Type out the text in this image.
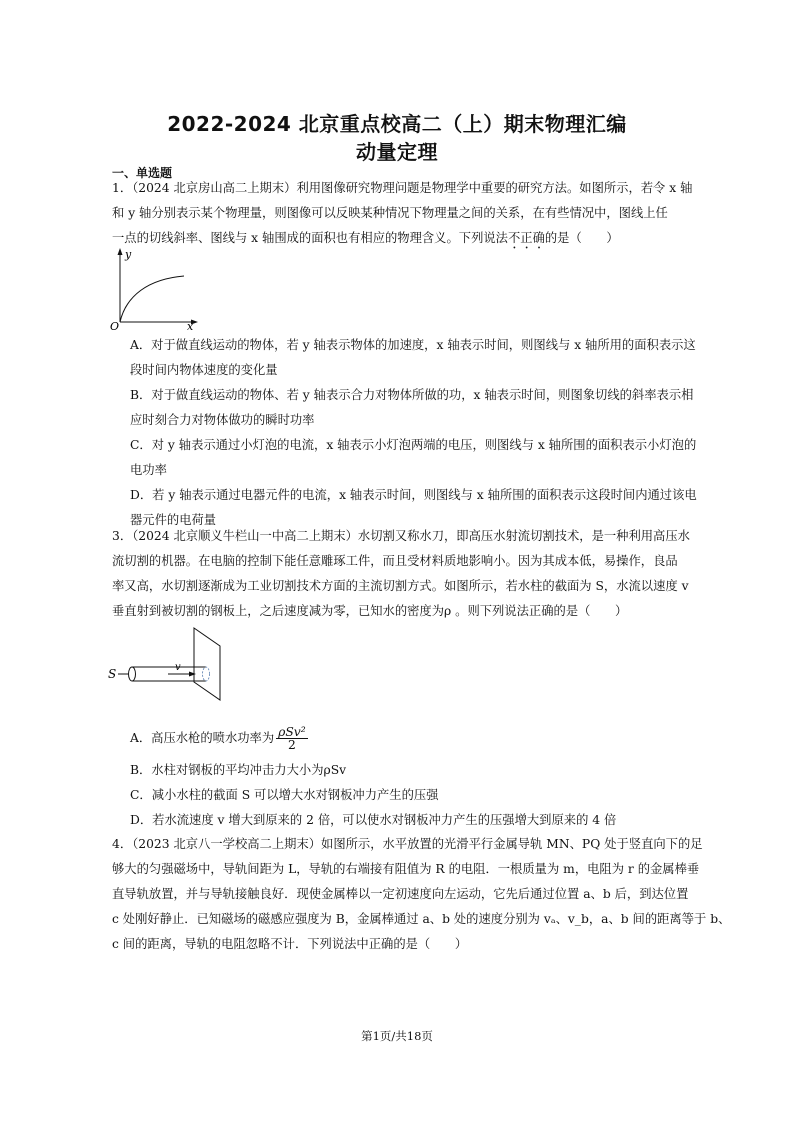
2022-2024 北京重点校高二（上）期末物理汇编
动量定理
一、单选题
1．（2024 北京房山高二上期末）利用图像研究物理问题是物理学中重要的研究方法。如图所示，若令 x 轴
和 y 轴分别表示某个物理量，则图像可以反映某种情况下物理量之间的关系，在有些情况中，图线上任
一点的切线斜率、图线与 x 轴围成的面积也有相应的物理含义。下列说法不正确的是（　　）
y
x
O
A．对于做直线运动的物体，若 y 轴表示物体的加速度，x 轴表示时间，则图线与 x 轴所用的面积表示这
段时间内物体速度的变化量
B．对于做直线运动的物体、若 y 轴表示合力对物体所做的功，x 轴表示时间，则图象切线的斜率表示相
应时刻合力对物体做功的瞬时功率
C．对 y 轴表示通过小灯泡的电流，x 轴表示小灯泡两端的电压，则图线与 x 轴所围的面积表示小灯泡的
电功率
D．若 y 轴表示通过电器元件的电流，x 轴表示时间，则图线与 x 轴所围的面积表示这段时间内通过该电
器元件的电荷量
3．（2024 北京顺义牛栏山一中高二上期末）水切割又称水刀，即高压水射流切割技术，是一种利用高压水
流切割的机器。在电脑的控制下能任意雕琢工件，而且受材料质地影响小。因为其成本低，易操作，良品
率又高，水切割逐渐成为工业切割技术方面的主流切割方式。如图所示，若水柱的截面为 S，水流以速度 v
垂直射到被切割的钢板上，之后速度减为零，已知水的密度为ρ 。则下列说法正确的是（　　）
S	v
A．高压水枪的喷水功率为 $\frac{\text{ρSv²}}{2}$
B．水柱对钢板的平均冲击力大小为ρSv
C．减小水柱的截面 S 可以增大水对钢板冲力产生的压强
D．若水流速度 v 增大到原来的 2 倍，可以使水对钢板冲力产生的压强增大到原来的 4 倍
4．（2023 北京八一学校高二上期末）如图所示，水平放置的光滑平行金属导轨 MN、PQ 处于竖直向下的足
够大的匀强磁场中，导轨间距为 L，导轨的右端接有阻值为 R 的电阻．一根质量为 m，电阻为 r 的金属棒垂
直导轨放置，并与导轨接触良好．现使金属棒以一定初速度向左运动，它先后通过位置 a、b 后，到达位置
c 处刚好静止．已知磁场的磁感应强度为 B，金属棒通过 a、b 处的速度分别为 vₐ、v_b，a、b 间的距离等于 b、
c 间的距离，导轨的电阻忽略不计．下列说法中正确的是（　　）
第1页/共18页
